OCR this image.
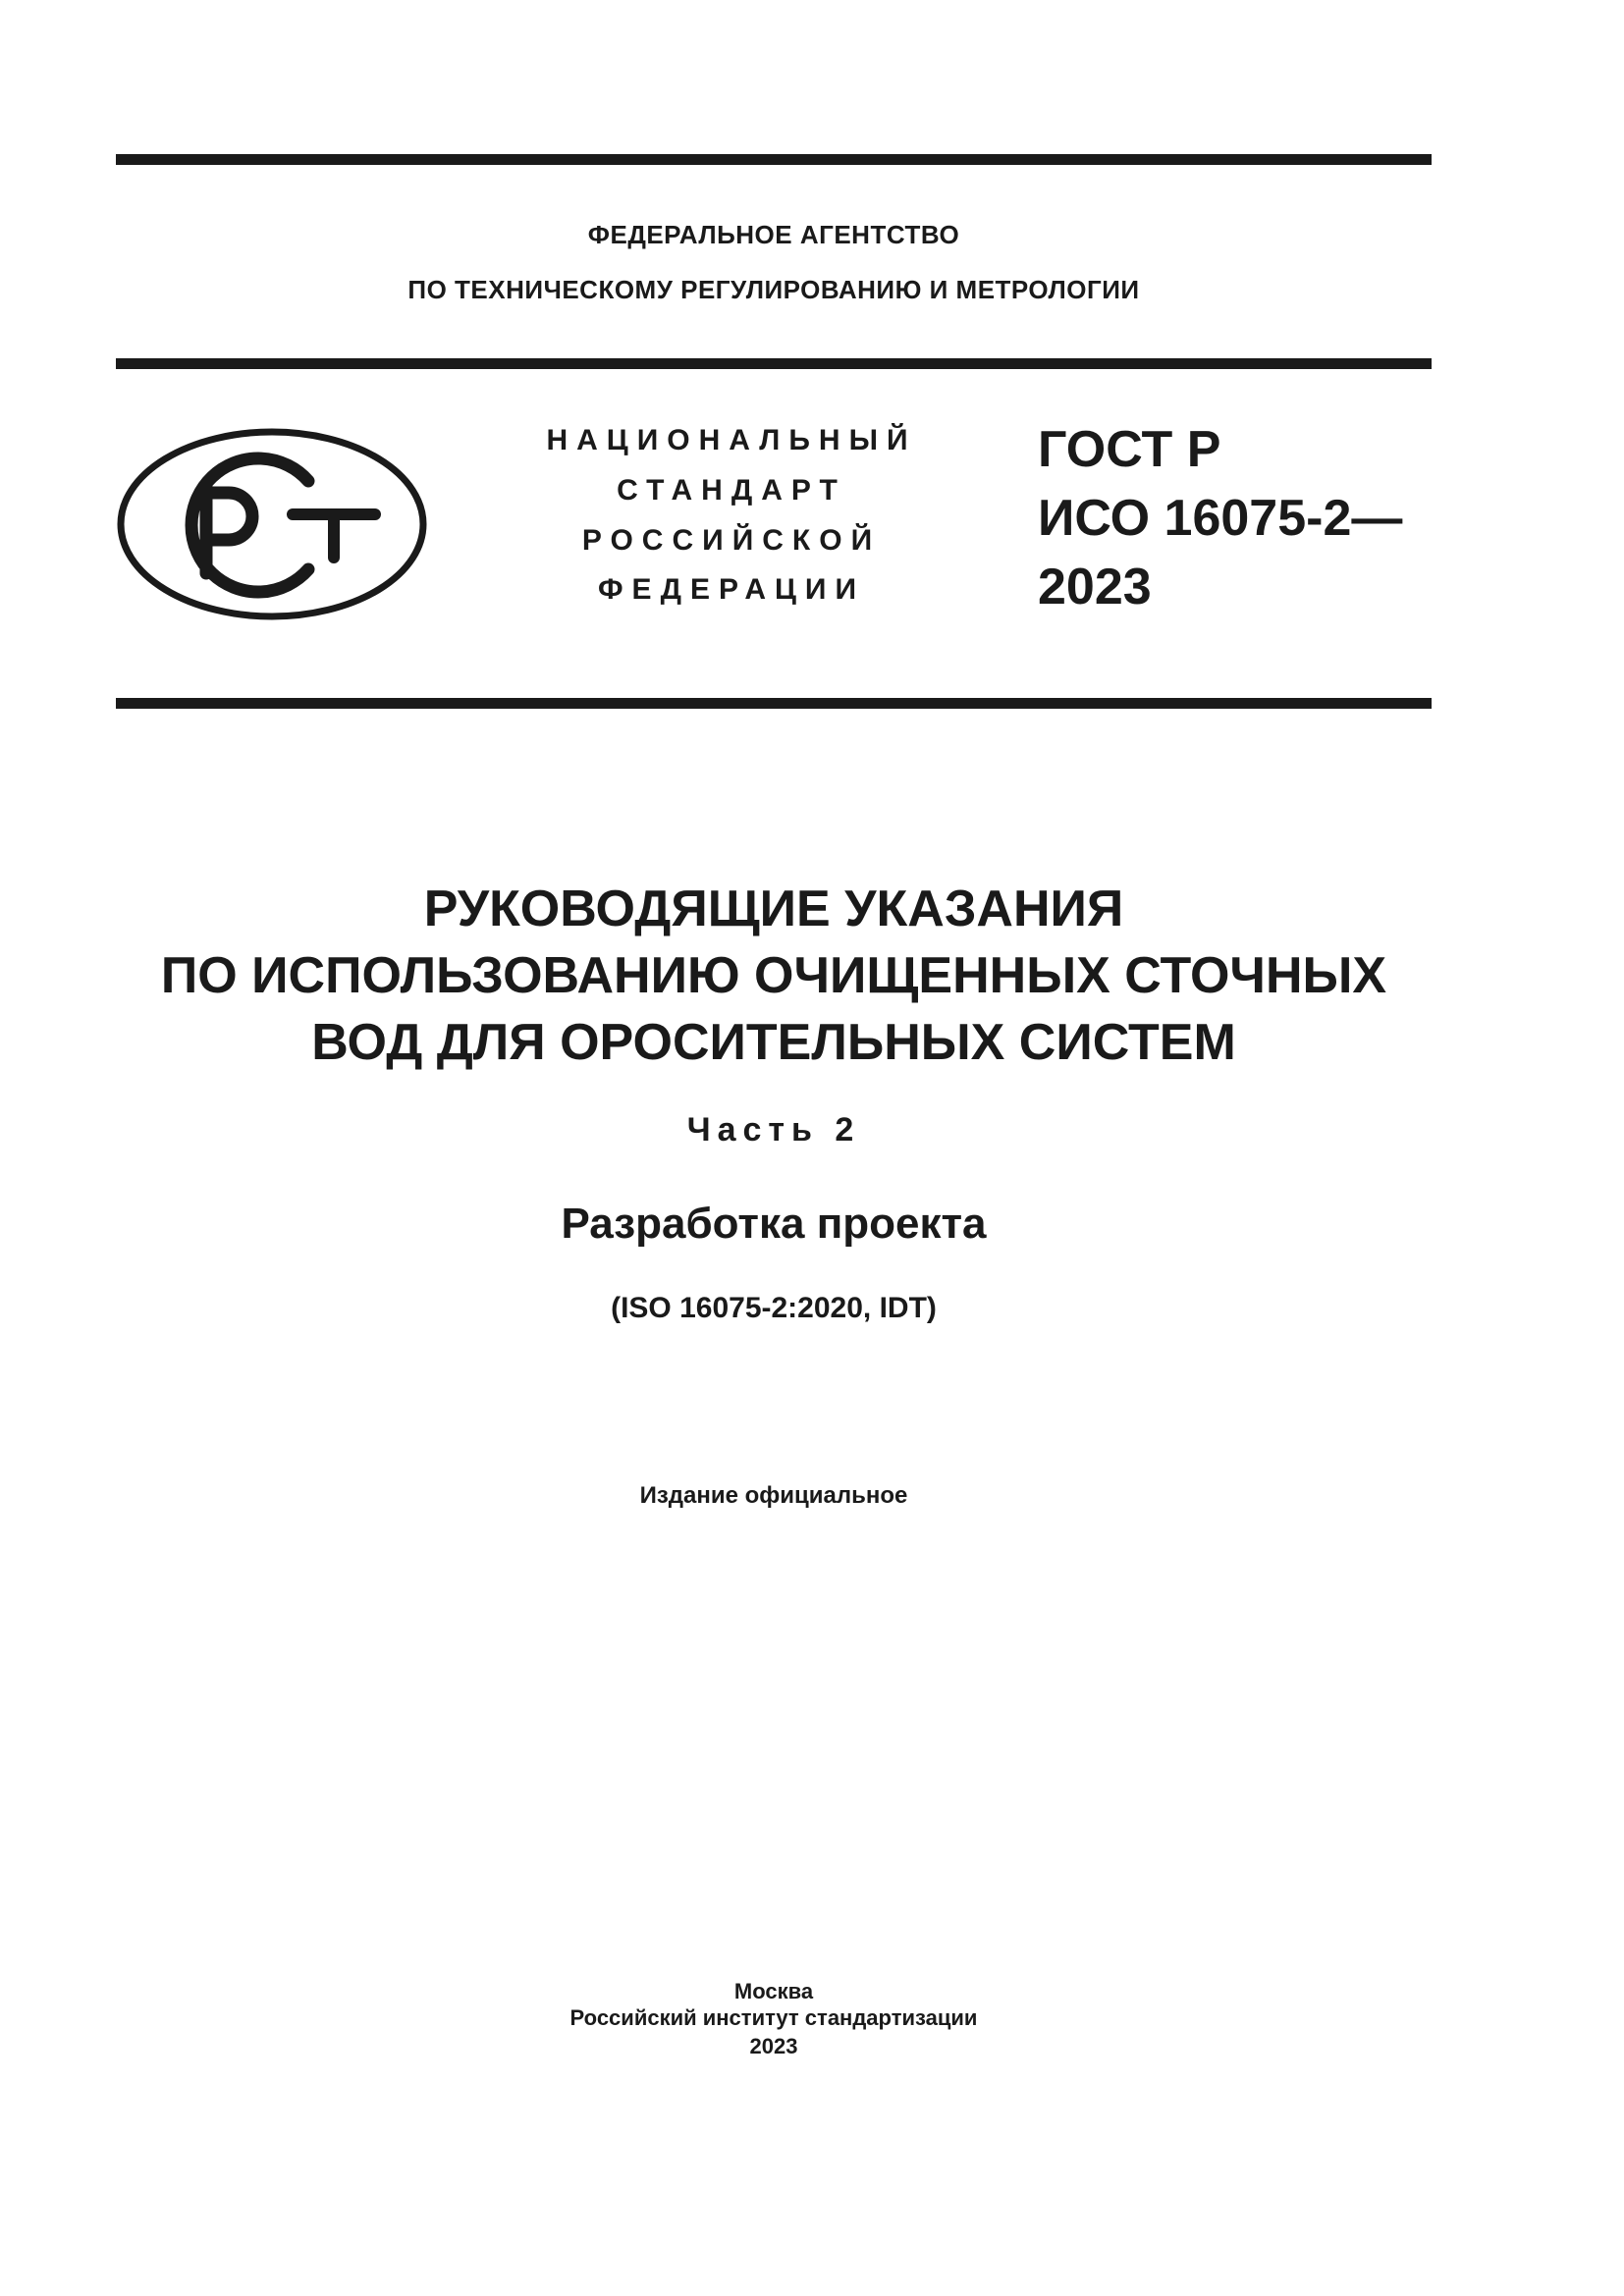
ФЕДЕРАЛЬНОЕ АГЕНТСТВО
ПО ТЕХНИЧЕСКОМУ РЕГУЛИРОВАНИЮ И МЕТРОЛОГИИ
НАЦИОНАЛЬНЫЙ
СТАНДАРТ
РОССИЙСКОЙ
ФЕДЕРАЦИИ
ГОСТ Р
ИСО 16075-2—
2023
РУКОВОДЯЩИЕ УКАЗАНИЯ
ПО ИСПОЛЬЗОВАНИЮ ОЧИЩЕННЫХ СТОЧНЫХ
ВОД ДЛЯ ОРОСИТЕЛЬНЫХ СИСТЕМ
Часть 2
Разработка проекта
(ISO 16075-2:2020, IDT)
Издание официальное
Москва
Российский институт стандартизации
2023
